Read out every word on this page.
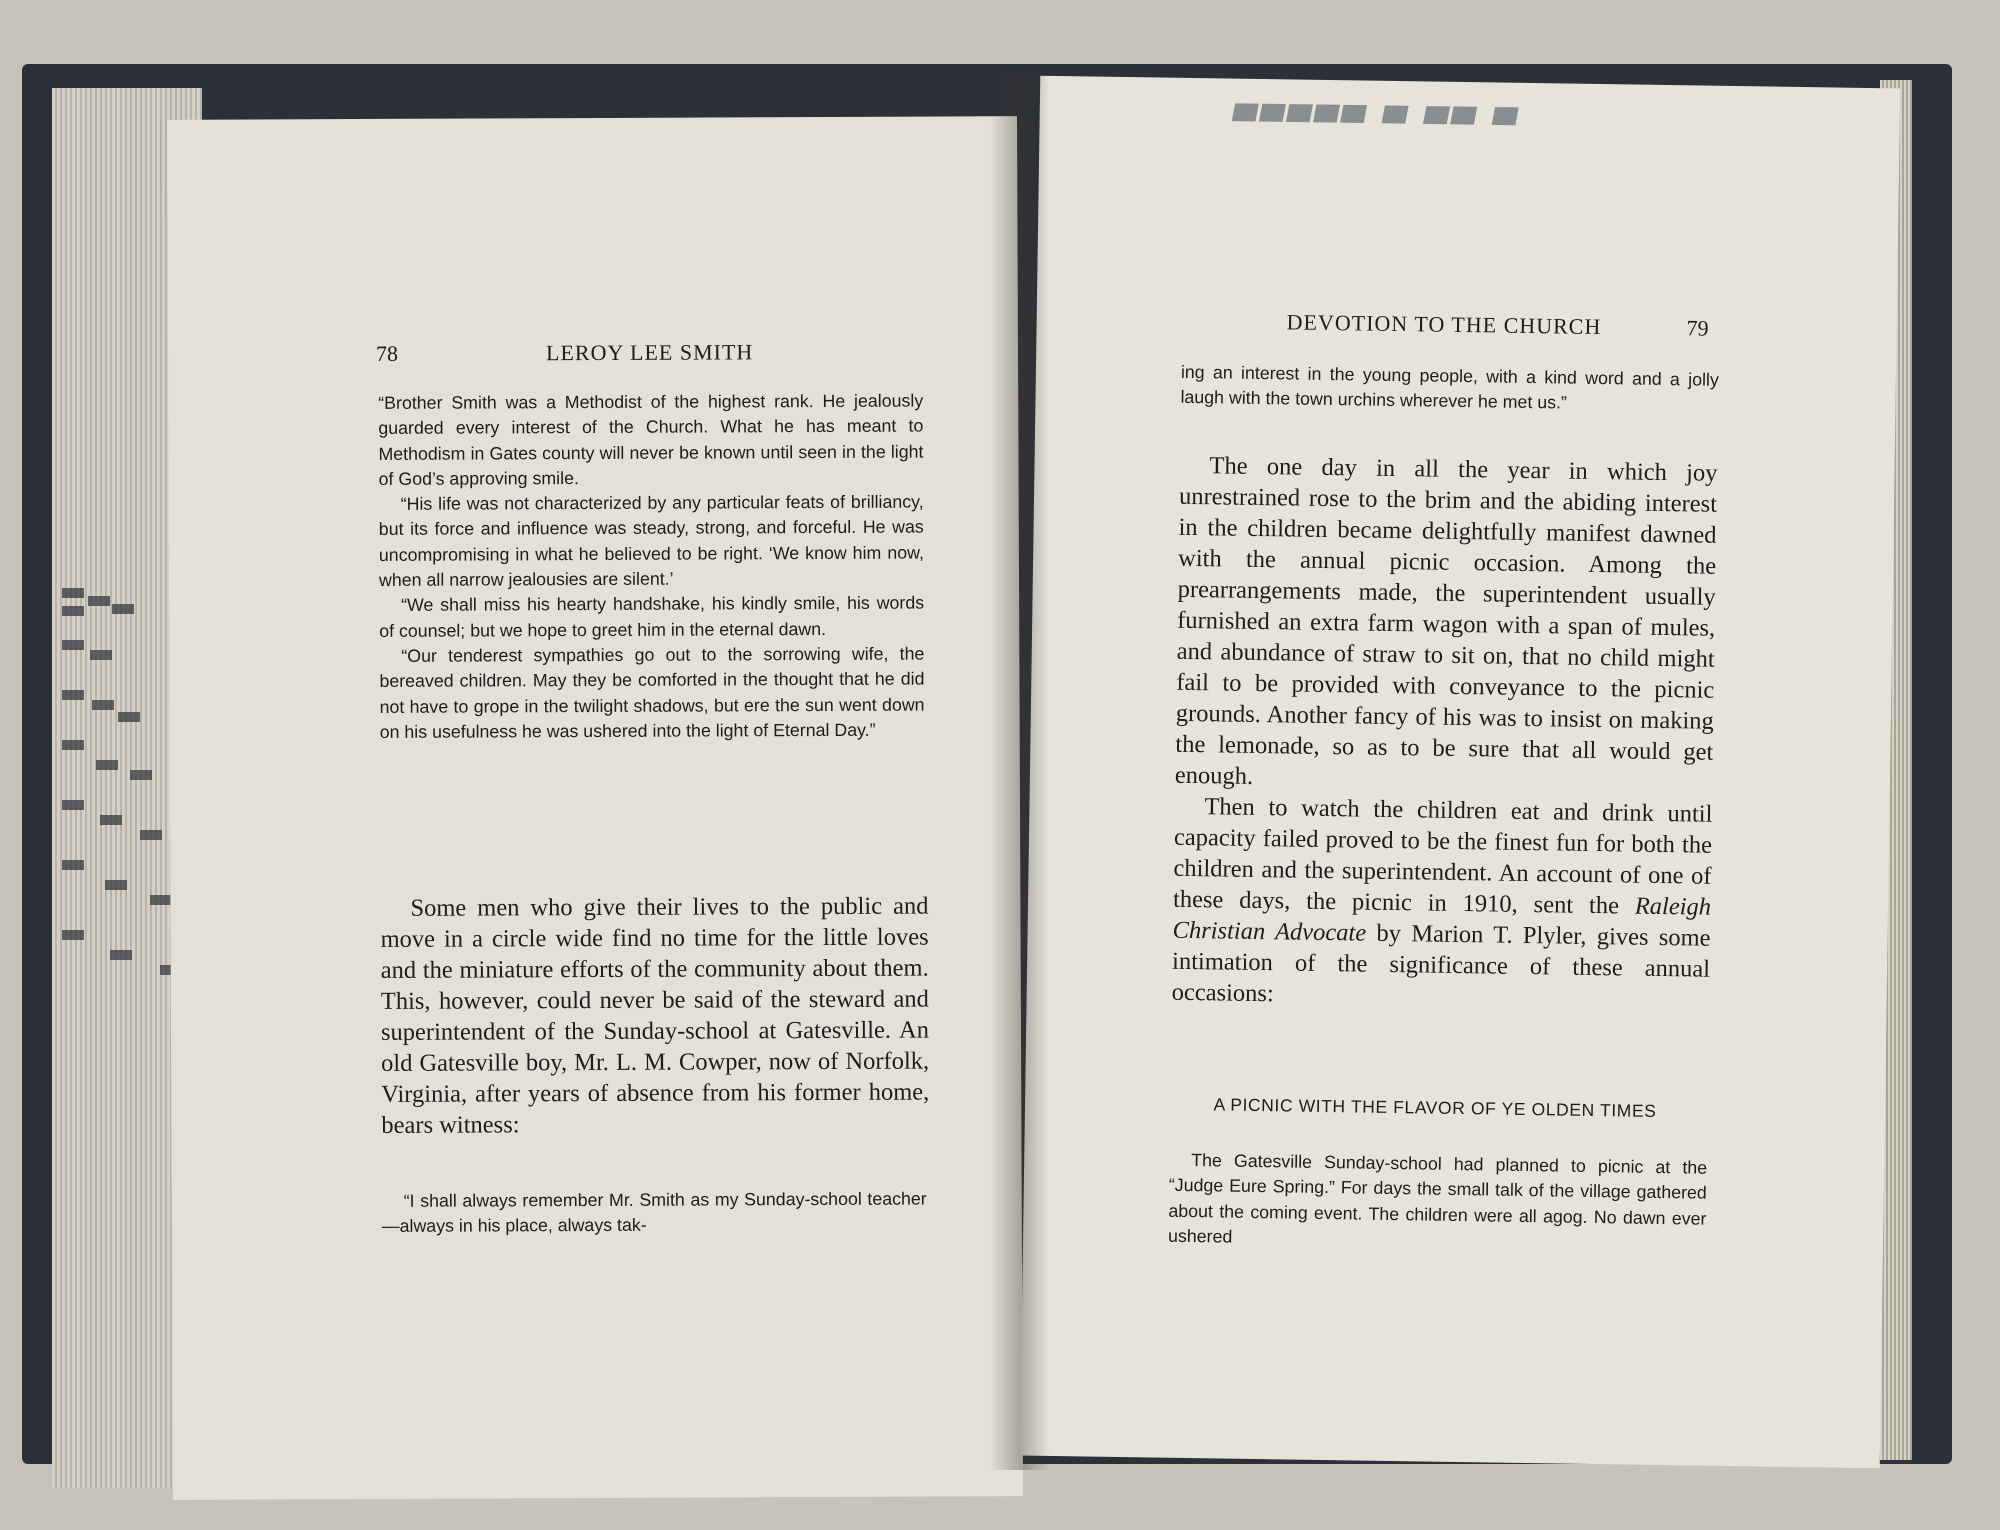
78	LEROY LEE SMITH

“Brother Smith was a Methodist of the highest rank. He jealously guarded every interest of the Church. What he has meant to Methodism in Gates county will never be known until seen in the light of God’s approving smile.

“His life was not characterized by any particular feats of brilliancy, but its force and influence was steady, strong, and forceful. He was uncompromising in what he believed to be right. ‘We know him now, when all narrow jealousies are silent.’

“We shall miss his hearty handshake, his kindly smile, his words of counsel; but we hope to greet him in the eternal dawn.

“Our tenderest sympathies go out to the sorrowing wife, the bereaved children. May they be comforted in the thought that he did not have to grope in the twilight shadows, but ere the sun went down on his usefulness he was ushered into the light of Eternal Day.”

Some men who give their lives to the public and move in a circle wide find no time for the little loves and the miniature efforts of the community about them. This, however, could never be said of the steward and superintendent of the Sunday-school at Gatesville. An old Gatesville boy, Mr. L. M. Cowper, now of Norfolk, Virginia, after years of absence from his former home, bears witness:

“I shall always remember Mr. Smith as my Sunday-school teacher—always in his place, always tak-

▄▄▄▄▄ ▄ ▄▄ ▄
DEVOTION TO THE CHURCH	79

ing an interest in the young people, with a kind word and a jolly laugh with the town urchins wherever he met us.”

The one day in all the year in which joy unrestrained rose to the brim and the abiding interest in the children became delightfully manifest dawned with the annual picnic occasion. Among the prearrangements made, the superintendent usually furnished an extra farm wagon with a span of mules, and abundance of straw to sit on, that no child might fail to be provided with conveyance to the picnic grounds. Another fancy of his was to insist on making the lemonade, so as to be sure that all would get enough.

Then to watch the children eat and drink until capacity failed proved to be the finest fun for both the children and the superintendent. An account of one of these days, the picnic in 1910, sent the Raleigh Christian Advocate by Marion T. Plyler, gives some intimation of the significance of these annual occasions:

A PICNIC WITH THE FLAVOR OF YE OLDEN TIMES

The Gatesville Sunday-school had planned to picnic at the “Judge Eure Spring.” For days the small talk of the village gathered about the coming event. The children were all agog. No dawn ever ushered
